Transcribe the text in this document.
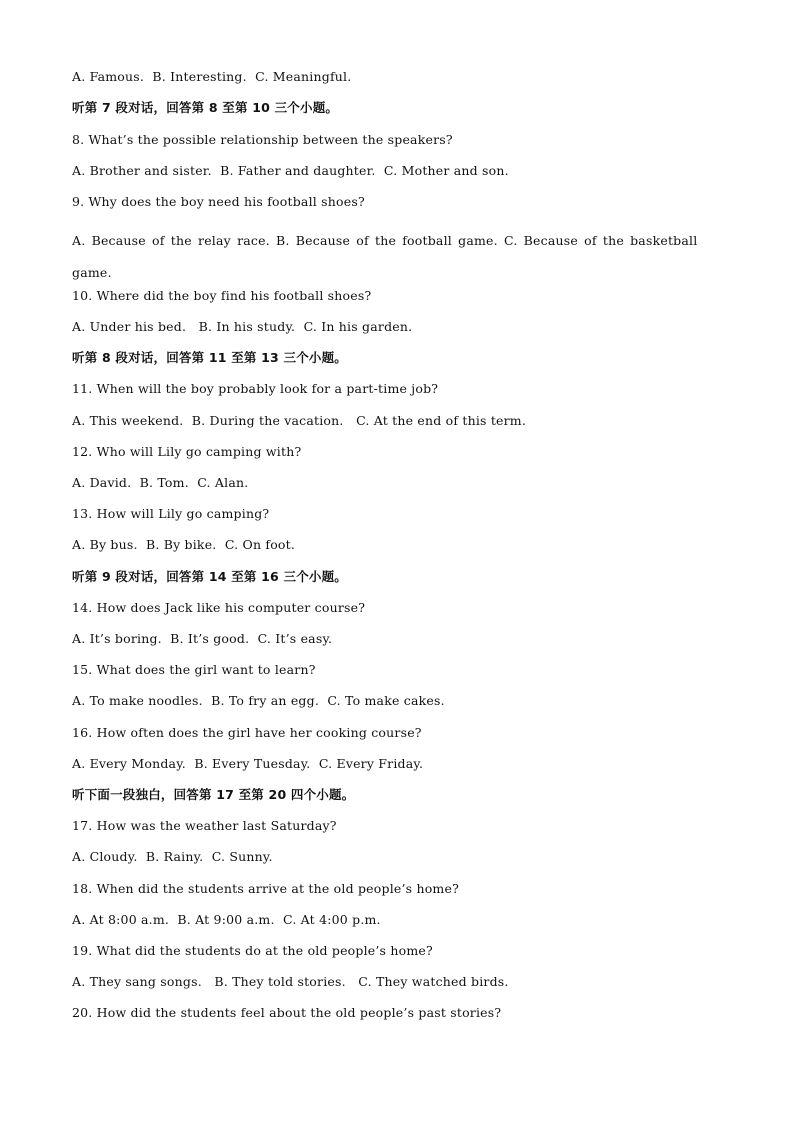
A. Famous.  B. Interesting.  C. Meaningful.
听第 7 段对话，回答第 8 至第 10 三个小题。
8. What’s the possible relationship between the speakers?
A. Brother and sister.  B. Father and daughter.  C. Mother and son.
9. Why does the boy need his football shoes?
A. Because of the relay race. B. Because of the football game. C. Because of the basketball game.
10. Where did the boy find his football shoes?
A. Under his bed.   B. In his study.  C. In his garden.
听第 8 段对话，回答第 11 至第 13 三个小题。
11. When will the boy probably look for a part-time job?
A. This weekend.  B. During the vacation.   C. At the end of this term.
12. Who will Lily go camping with?
A. David.  B. Tom.  C. Alan.
13. How will Lily go camping?
A. By bus.  B. By bike.  C. On foot.
听第 9 段对话，回答第 14 至第 16 三个小题。
14. How does Jack like his computer course?
A. It’s boring.  B. It’s good.  C. It’s easy.
15. What does the girl want to learn?
A. To make noodles.  B. To fry an egg.  C. To make cakes.
16. How often does the girl have her cooking course?
A. Every Monday.  B. Every Tuesday.  C. Every Friday.
听下面一段独白，回答第 17 至第 20 四个小题。
17. How was the weather last Saturday?
A. Cloudy.  B. Rainy.  C. Sunny.
18. When did the students arrive at the old people’s home?
A. At 8:00 a.m.  B. At 9:00 a.m.  C. At 4:00 p.m.
19. What did the students do at the old people’s home?
A. They sang songs.   B. They told stories.   C. They watched birds.
20. How did the students feel about the old people’s past stories?
